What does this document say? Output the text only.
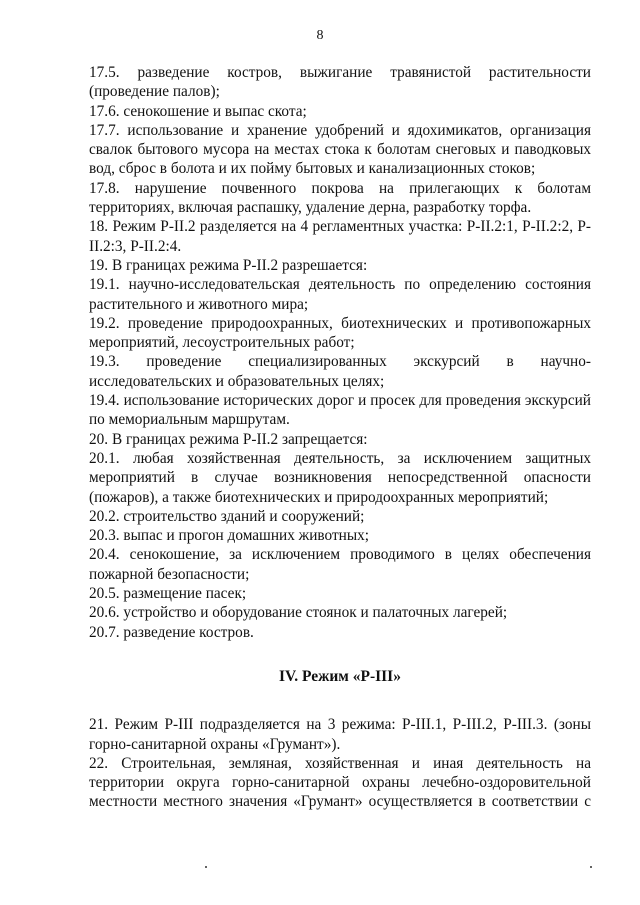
8

17.5. разведение костров, выжигание травянистой растительности (проведение палов);

17.6. сенокошение и выпас скота;

17.7. использование и хранение удобрений и ядохимикатов, организация свалок бытового мусора на местах стока к болотам снеговых и паводковых вод, сброс в болота и их пойму бытовых и канализационных стоков;

17.8. нарушение почвенного покрова на прилегающих к болотам территориях, включая распашку, удаление дерна, разработку торфа.

18. Режим Р-II.2 разделяется на 4 регламентных участка: Р-II.2:1, Р-II.2:2, Р-II.2:3, Р-II.2:4.

19. В границах режима Р-II.2 разрешается:

19.1. научно-исследовательская деятельность по определению состояния растительного и животного мира;

19.2. проведение природоохранных, биотехнических и противопожарных мероприятий, лесоустроительных работ;

19.3. проведение специализированных экскурсий в научно-исследовательских и образовательных целях;

19.4. использование исторических дорог и просек для проведения экскурсий по мемориальным маршрутам.

20. В границах режима Р-II.2 запрещается:

20.1. любая хозяйственная деятельность, за исключением защитных мероприятий в случае возникновения непосредственной опасности (пожаров), а также биотехнических и природоохранных мероприятий;

20.2. строительство зданий и сооружений;

20.3. выпас и прогон домашних животных;

20.4. сенокошение, за исключением проводимого в целях обеспечения пожарной безопасности;

20.5. размещение пасек;

20.6. устройство и оборудование стоянок и палаточных лагерей;

20.7. разведение костров.

IV. Режим «Р-III»

21. Режим Р-III подразделяется на 3 режима: Р-III.1, Р-III.2, Р-III.3. (зоны горно-санитарной охраны «Грумант»).

22. Строительная, земляная, хозяйственная и иная деятельность на территории округа горно-санитарной охраны лечебно-оздоровительной местности местного значения «Грумант» осуществляется в соответствии с
